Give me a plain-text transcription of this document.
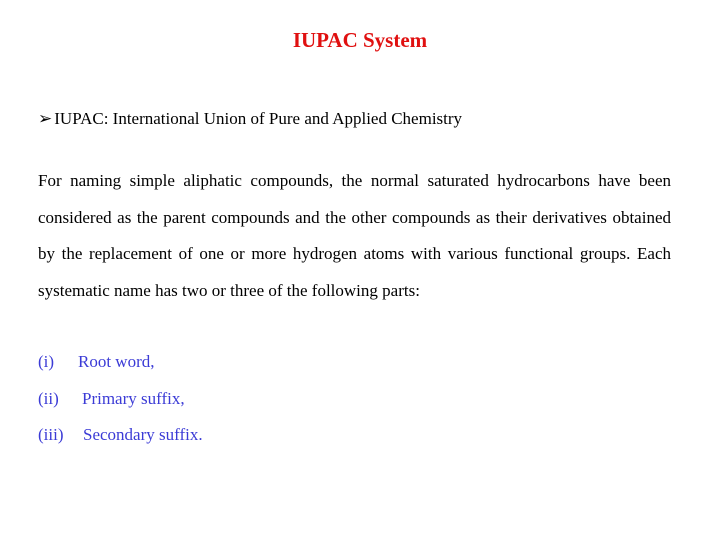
IUPAC System
➢ IUPAC: International Union of Pure and Applied Chemistry
For naming simple aliphatic compounds, the normal saturated hydrocarbons have been considered as the parent compounds and the other compounds as their derivatives obtained by the replacement of one or more hydrogen atoms with various functional groups. Each systematic name has two or three of the following parts:
(i)	Root word,
(ii)	Primary suffix,
(iii)	Secondary suffix.
